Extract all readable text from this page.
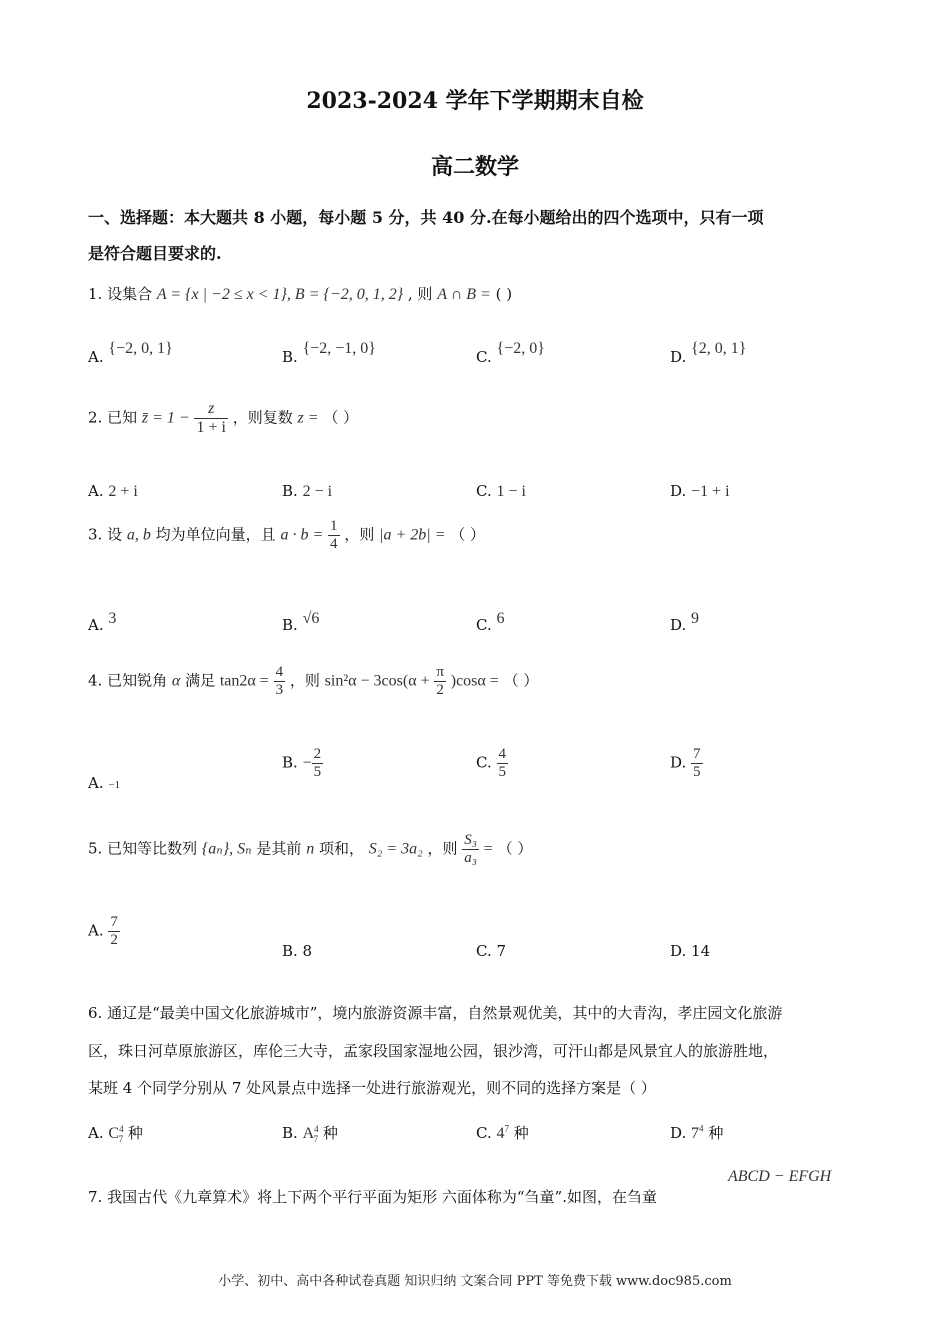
2023-2024 学年下学期期末自检
高二数学
一、选择题：本大题共 8 小题，每小题 5 分，共 40 分.在每小题给出的四个选项中，只有一项
是符合题目要求的.
1. 设集合 A = {x | −2 ≤ x < 1}, B = {−2, 0, 1, 2} , 则 A ∩ B = ( )
A. {−2, 0, 1}	B. {−2, −1, 0}	C. {−2, 0}	D. {2, 0, 1}
2. 已知 z̄ = $1 - \frac{z}{1 + i}$ ，则复数 z = （ ）
A. 2 + i	B. 2 − i	C. 1 − i	D. −1 + i
3. 设 a, b 均为单位向量，且 $a \cdot b = \frac{1}{4}$ ，则 |a + 2b| = （ ）
A. 3	B. √6	C. 6	D. 9
4. 已知锐角 α 满足 $\tan 2\alpha = \frac{4}{3}$ ，则 $\sin^2\alpha - 3\cos(\alpha + \frac{\pi}{2} )\cos\alpha$ = （ ）
A. −1
B. − $\frac{2}{5}$	C. $\frac{4}{5}$	D. $\frac{7}{5}$
5. 已知等比数列 {aₙ}, Sₙ 是其前 n 项和， S₂ = 3a₂ ，则 $\frac{\text{S₃}}{\text{a₃}}$ = （ ）
A. $\frac{7}{2}$
B. 8	C. 7	D. 14
6. 通辽是“最美中国文化旅游城市”，境内旅游资源丰富，自然景观优美，其中的大青沟，孝庄园文化旅游
区，珠日河草原旅游区，库伦三大寺，孟家段国家湿地公园，银沙湾，可汗山都是风景宜人的旅游胜地，
某班 4 个同学分别从 7 处风景点中选择一处进行旅游观光，则不同的选择方案是（ ）
A. $C^4_7$ 种	B. $A^4_7$ 种	C. $4^7$ 种	D. $7^4$ 种
7. 我国古代《九章算术》将上下两个平行平面为矩形 六面体称为“刍童”.如图，在刍童
ABCD − EFGH
小学、初中、高中各种试卷真题 知识归纳 文案合同 PPT 等免费下载 www.doc985.com
